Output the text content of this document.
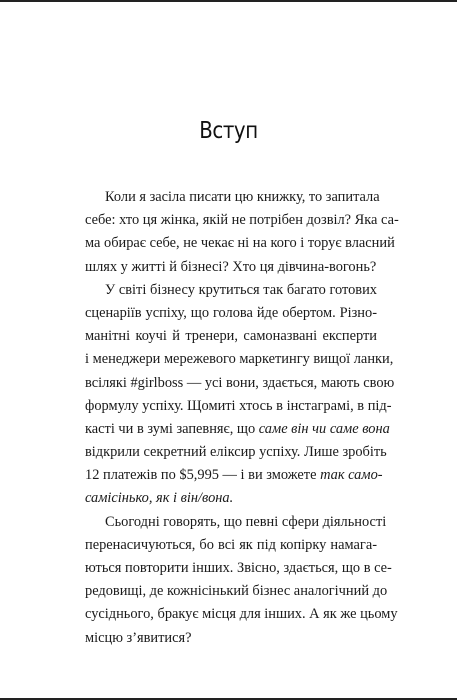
Вступ
Коли я засіла писати цю книжку, то запитала
себе: хто ця жінка, якій не потрібен дозвіл? Яка са-
ма обирає себе, не чекає ні на кого і торує власний
шлях у житті й бізнесі? Хто ця дівчина-вогонь?
У світі бізнесу крутиться так багато готових
сценаріїв успіху, що голова йде обертом. Різно-
манітні коучі й тренери, самоназвані експерти
і менеджери мережевого маркетингу вищої ланки,
всілякі #girlboss — усі вони, здається, мають свою
формулу успіху. Щомиті хтось в інстаграмі, в під-
касті чи в зумі запевняє, що саме він чи саме вона
відкрили секретний еліксир успіху. Лише зробіть
12 платежів по $5,995 — і ви зможете так само-
самісінько, як і він/вона.
Сьогодні говорять, що певні сфери діяльності
перенасичуються, бо всі як під копірку намага-
ються повторити інших. Звісно, здається, що в се-
редовищі, де кожнісінький бізнес аналогічний до
сусіднього, бракує місця для інших. А як же цьому
місцю з’явитися?
